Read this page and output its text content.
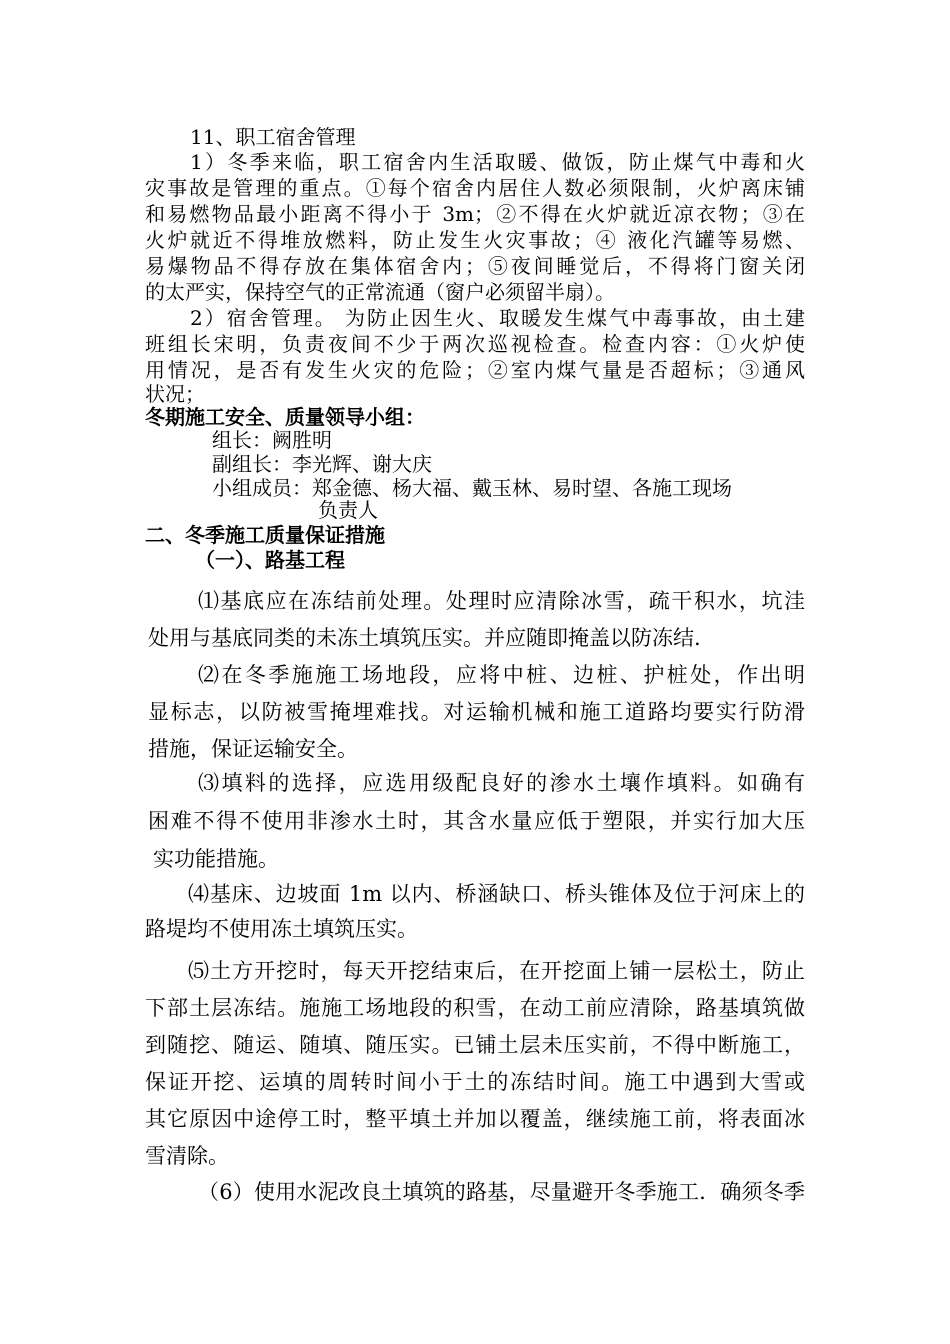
11、职工宿舍管理
1）冬季来临，职工宿舍内生活取暖、做饭，防止煤气中毒和火
灾事故是管理的重点。①每个宿舍内居住人数必须限制，火炉离床铺
和易燃物品最小距离不得小于 3m；②不得在火炉就近凉衣物；③在
火炉就近不得堆放燃料，防止发生火灾事故；④ 液化汽罐等易燃、
易爆物品不得存放在集体宿舍内；⑤夜间睡觉后，不得将门窗关闭
的太严实，保持空气的正常流通（窗户必须留半扇）。
2）宿舍管理。 为防止因生火、取暖发生煤气中毒事故，由土建
班组长宋明，负责夜间不少于两次巡视检查。检查内容：①火炉使
用情况，是否有发生火灾的危险；②室内煤气量是否超标；③通风
状况；
冬期施工安全、质量领导小组：
组长：阙胜明
副组长：李光辉、谢大庆
小组成员：郑金德、杨大福、戴玉林、易时望、各施工现场
负责人
二、冬季施工质量保证措施
（一）、路基工程
⑴基底应在冻结前处理。处理时应清除冰雪，疏干积水，坑洼
处用与基底同类的未冻土填筑压实。并应随即掩盖以防冻结.
⑵在冬季施施工场地段，应将中桩、边桩、护桩处，作出明
显标志，以防被雪掩埋难找。对运输机械和施工道路均要实行防滑
措施，保证运输安全。
⑶填料的选择，应选用级配良好的渗水土壤作填料。如确有
困难不得不使用非渗水土时，其含水量应低于塑限，并实行加大压
实功能措施。
⑷基床、边坡面 1m 以内、桥涵缺口、桥头锥体及位于河床上的
路堤均不使用冻土填筑压实。
⑸土方开挖时，每天开挖结束后，在开挖面上铺一层松土，防止
下部土层冻结。施施工场地段的积雪，在动工前应清除，路基填筑做
到随挖、随运、随填、随压实。已铺土层未压实前，不得中断施工，
保证开挖、运填的周转时间小于土的冻结时间。施工中遇到大雪或
其它原因中途停工时，整平填土并加以覆盖，继续施工前，将表面冰
雪清除。
（6）使用水泥改良土填筑的路基，尽量避开冬季施工．确须冬季
